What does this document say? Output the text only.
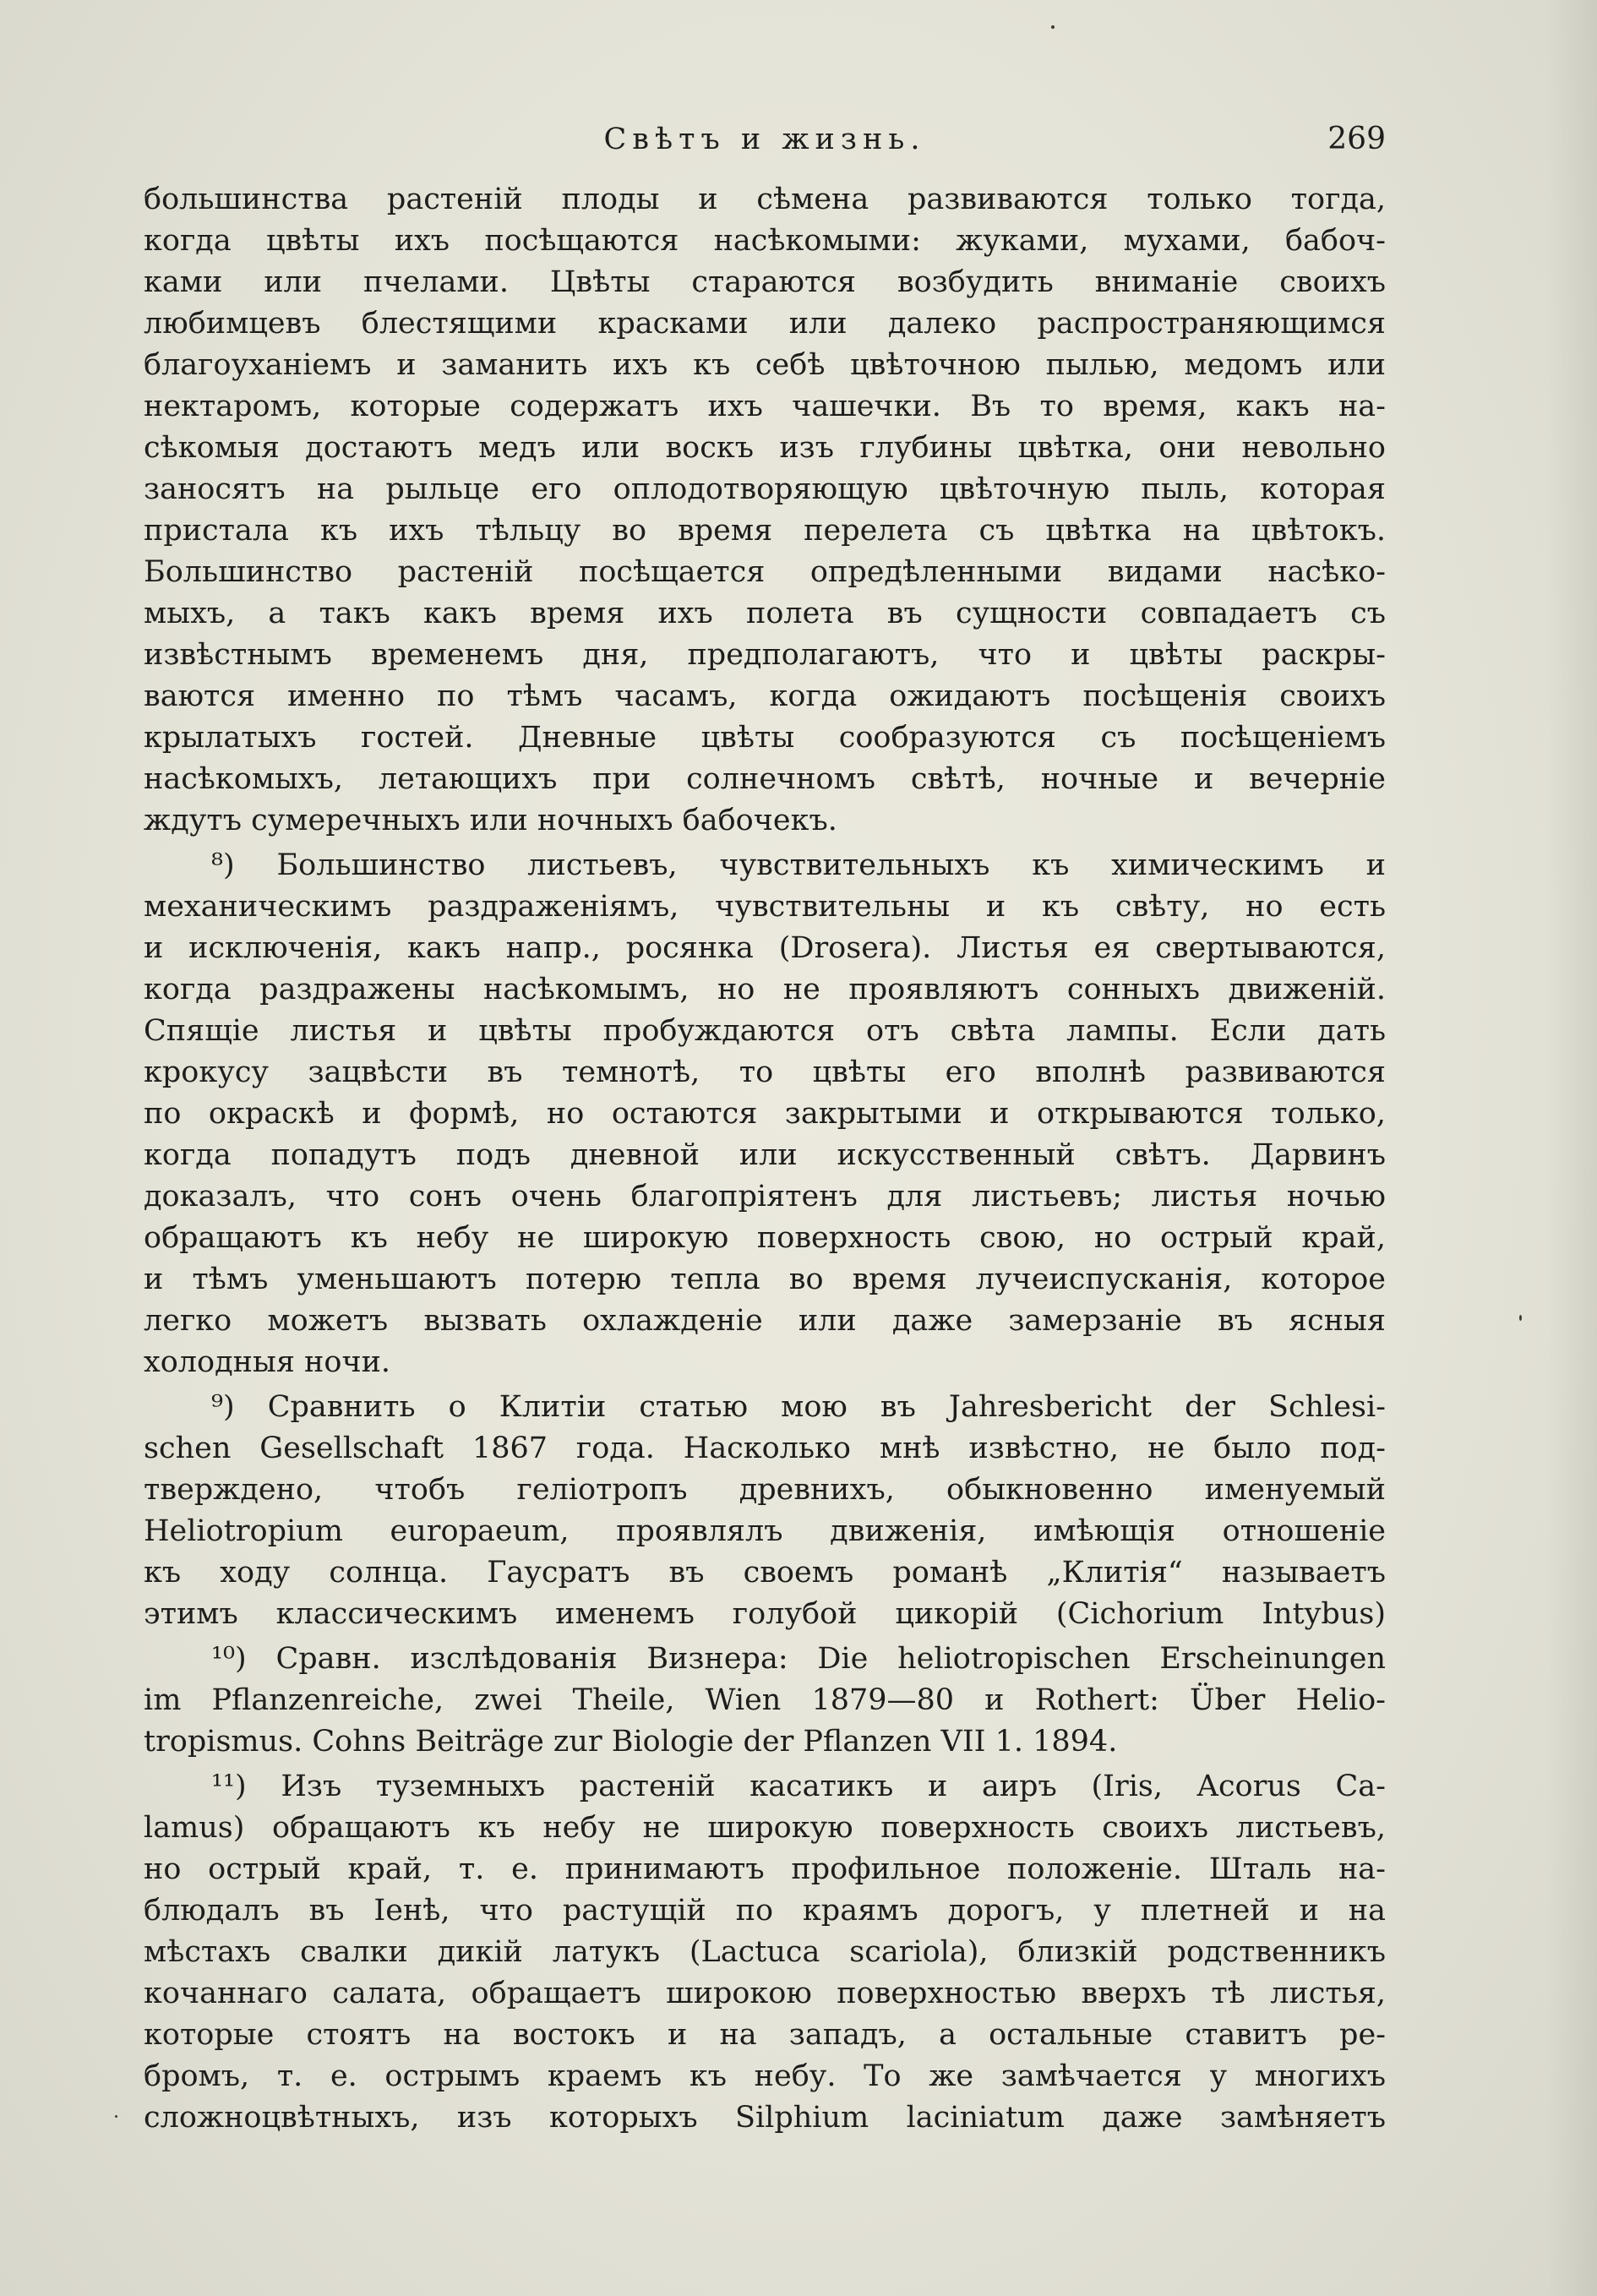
Свѣтъ и жизнь.	269

большинства растеній плоды и сѣмена развиваются только тогда,
когда цвѣты ихъ посѣщаются насѣкомыми: жуками, мухами, бабоч-
ками или пчелами. Цвѣты стараются возбудить вниманіе своихъ
любимцевъ блестящими красками или далеко распространяющимся
благоуханіемъ и заманить ихъ къ себѣ цвѣточною пылью, медомъ или
нектаромъ, которые содержатъ ихъ чашечки. Въ то время, какъ на-
сѣкомыя достаютъ медъ или воскъ изъ глубины цвѣтка, они невольно
заносятъ на рыльце его оплодотворяющую цвѣточную пыль, которая
пристала къ ихъ тѣльцу во время перелета съ цвѣтка на цвѣтокъ.
Большинство растеній посѣщается опредѣленными видами насѣко-
мыхъ, а такъ какъ время ихъ полета въ сущности совпадаетъ съ
извѣстнымъ временемъ дня, предполагаютъ, что и цвѣты раскры-
ваются именно по тѣмъ часамъ, когда ожидаютъ посѣщенія своихъ
крылатыхъ гостей. Дневные цвѣты сообразуются съ посѣщеніемъ
насѣкомыхъ, летающихъ при солнечномъ свѣтѣ, ночные и вечерніе
ждутъ сумеречныхъ или ночныхъ бабочекъ.

⁸) Большинство листьевъ, чувствительныхъ къ химическимъ и
механическимъ раздраженіямъ, чувствительны и къ свѣту, но есть
и исключенія, какъ напр., росянка (Drosera). Листья ея свертываются,
когда раздражены насѣкомымъ, но не проявляютъ сонныхъ движеній.
Спящіе листья и цвѣты пробуждаются отъ свѣта лампы. Если дать
крокусу зацвѣсти въ темнотѣ, то цвѣты его вполнѣ развиваются
по окраскѣ и формѣ, но остаются закрытыми и открываются только,
когда попадутъ подъ дневной или искусственный свѣтъ. Дарвинъ
доказалъ, что сонъ очень благопріятенъ для листьевъ; листья ночью
обращаютъ къ небу не широкую поверхность свою, но острый край,
и тѣмъ уменьшаютъ потерю тепла во время лучеиспусканія, которое
легко можетъ вызвать охлажденіе или даже замерзаніе въ ясныя
холодныя ночи.

⁹) Сравнить о Клитіи статью мою въ Jahresbericht der Schlesi-
schen Gesellschaft 1867 года. Насколько мнѣ извѣстно, не было под-
тверждено, чтобъ геліотропъ древнихъ, обыкновенно именуемый
Heliotropium europaeum, проявлялъ движенія, имѣющія отношеніе
къ ходу солнца. Гаусратъ въ своемъ романѣ „Клитія“ называетъ
этимъ классическимъ именемъ голубой цикорій (Cichorium Intybus)

¹⁰) Сравн. изслѣдованія Визнера: Die heliotropischen Erscheinungen
im Pflanzenreiche, zwei Theile, Wien 1879—80 и Rothert: Über Helio-
tropismus. Cohns Beiträge zur Biologie der Pflanzen VII 1. 1894.

¹¹) Изъ туземныхъ растеній касатикъ и аиръ (Iris, Acorus Ca-
lamus) обращаютъ къ небу не широкую поверхность своихъ листьевъ,
но острый край, т. е. принимаютъ профильное положеніе. Шталь на-
блюдалъ въ Іенѣ, что растущій по краямъ дорогъ, у плетней и на
мѣстахъ свалки дикій латукъ (Lactuca scariola), близкій родственникъ
кочаннаго салата, обращаетъ широкою поверхностью вверхъ тѣ листья,
которые стоятъ на востокъ и на западъ, а остальные ставитъ ре-
бромъ, т. е. острымъ краемъ къ небу. То же замѣчается у многихъ
сложноцвѣтныхъ, изъ которыхъ Silphium laciniatum даже замѣняетъ
